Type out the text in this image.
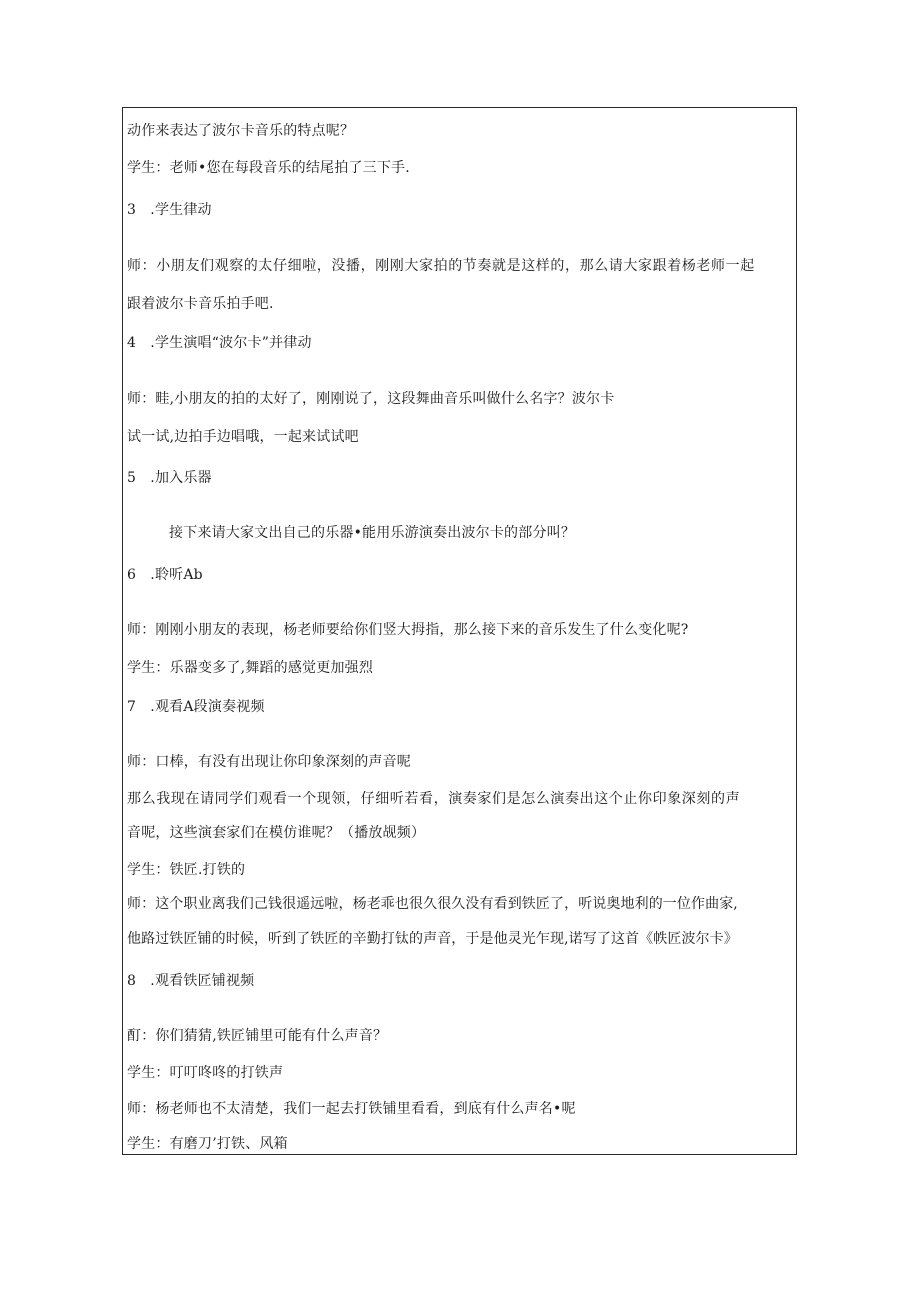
动作来表达了波尔卡音乐的特点呢？
学生：老师•您在每段音乐的结尾拍了三下手.
3　.学生律动
师：小朋友们观察的太仔细啦，没播，刚刚大家拍的节奏就是这样的，那么请大家跟着杨老师一起
跟着波尔卡音乐拍手吧.
4　.学生演唱“波尔卡”并律动
师：畦,小朋友的拍的太好了，刚刚说了，这段舞曲音乐叫做什么名字？波尔卡
试一试,边拍手边唱哦，一起来试试吧
5　.加入乐器
接下来请大家文出自己的乐器•能用乐游演奏出波尔卡的部分叫？
6　.聆听Ab
师：刚刚小朋友的表现，杨老师要给你们竖大拇指，那么接下来的音乐发生了什么变化呢?
学生：乐器变多了,舞蹈的感觉更加强烈
7　.观看A段演奏视频
师：口棒，有没有出现让你印象深刻的声音呢
那么我现在请同学们观看一个现领，仔细听若看，演奏家们是怎么演奏出这个止你印象深刻的声
音呢，这些演套家们在模仿谁呢？（播放觇频）
学生：铁匠.打铁的
师：这个职业离我们己钱很遥远啦，杨老乖也很久很久没有看到铁匠了，听说奥地利的一位作曲家,
他路过铁匠铺的时候，听到了铁匠的辛勤打钛的声音，于是他灵光乍现,诺写了这首《帙匠波尔卡》
8　.观看铁匠铺视频
酊：你们猜猜,铁匠铺里可能有什么声音？
学生：叮叮咚咚的打铁声
师：杨老师也不太清楚，我们一起去打铁铺里看看，到底有什么声名•呢
学生：有磨刀’打铁、风箱
